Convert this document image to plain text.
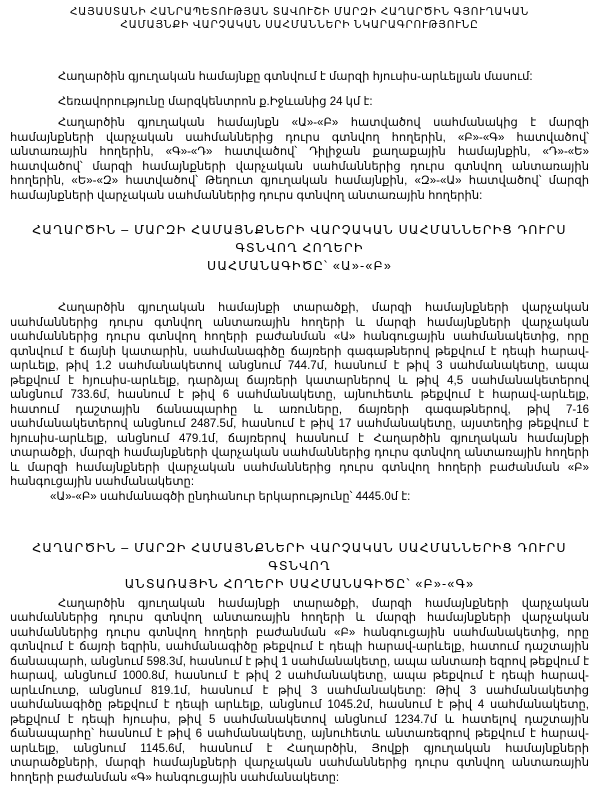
ՀԱՅԱՍՏԱՆԻ ՀԱՆՐԱՊԵՏՈՒԹՅԱՆ ՏԱՎՈՒՇԻ ՄԱՐԶԻ ՀԱՂԱՐԾԻՆ ԳՅՈՒՂԱԿԱՆ

ՀԱՄԱՅՆՔԻ ՎԱՐՉԱԿԱՆ ՍԱՀՄԱՆՆԵՐԻ ՆԿԱՐԱԳՐՈՒԹՅՈՒՆԸ

Հաղարծին գյուղական համայնքը գտնվում է մարզի հյուսիս-արևելյան մասում:

Հեռավորությունը մարզկենտրոն ք.Իջևանից 24 կմ է:

Հաղարծին գյուղական համայնքն «Ա»-«Բ» հատվածով սահմանակից է մարզի համայնքների վարչական սահմաններից դուրս գտնվող հողերին, «Բ»-«Գ» հատվածով՝ անտառային հողերին, «Գ»-«Դ» հատվածով՝ Դիլիջան քաղաքային համայնքին, «Դ»-«Ե» հատվածով՝ մարզի համայնքների վարչական սահմաններից դուրս գտնվող անտառային հողերին, «Ե»-«Զ» հատվածով՝ Թեղուտ գյուղական համայնքին, «Զ»-«Ա» հատվածով՝ մարզի համայնքների վարչական սահմաններից դուրս գտնվող անտառային հողերին:

ՀԱՂԱՐԾԻՆ – ՄԱՐԶԻ ՀԱՄԱՅՆՔՆԵՐԻ ՎԱՐՉԱԿԱՆ ՍԱՀՄԱՆՆԵՐԻՑ ԴՈՒՐՍ ԳՏՆՎՈՂ ՀՈՂԵՐԻ

ՍԱՀՄԱՆԱԳԻԾԸ՝ «Ա»-«Բ»

Հաղարծին գյուղական համայնքի տարածքի, մարզի համայնքների վարչական սահմաններից դուրս գտնվող անտառային հողերի և մարզի համայնքների վարչական սահմաններից դուրս գտնվող հողերի բաժանման «Ա» հանգուցային սահմանակետից, որը գտնվում է ճայնի կատարին, սահմանագիծը ճայռերի գագաթներով թեքվում է դեպի հարավ-արևելք, թիվ 1.2 սահմանակետով անցնում 744.7մ, հասնում է թիվ 3 սահմանակետը, ապա թեքվում է հյուսիս-արևելք, դարձյալ ճայռերի կատարներով և թիվ 4,5 սահմանակետերով անցնում 733.6մ, հասնում է թիվ 6 սահմանակետը, այնուհետև թեքվում է հարավ-արևելք, հատում դաշտային ճանապարհը և առուները, ճայռերի գագաթներով, թիվ 7-16 սահմանակետերով անցնում 2487.5մ, հասնում է թիվ 17 սահմանակետը, այստեղից թեքվում է հյուսիս-արևելք, անցնում 479.1մ, ճայռերով հասնում է Հաղարծին գյուղական համայնքի տարածքի, մարզի համայնքների վարչական սահմաններից դուրս գտնվող անտառային հողերի և մարզի համայնքների վարչական սահմաններից դուրս գտնվող հողերի բաժանման «Բ» հանգուցային սահմանակետը:

«Ա»-«Բ» սահմանագծի ընդհանուր երկարությունը՝ 4445.0մ է:

ՀԱՂԱՐԾԻՆ – ՄԱՐԶԻ ՀԱՄԱՅՆՔՆԵՐԻ ՎԱՐՉԱԿԱՆ ՍԱՀՄԱՆՆԵՐԻՑ ԴՈՒՐՍ ԳՏՆՎՈՂ

ԱՆՏԱՌԱՅԻՆ ՀՈՂԵՐԻ ՍԱՀՄԱՆԱԳԻԾԸ՝ «Բ»-«Գ»

Հաղարծին գյուղական համայնքի տարածքի, մարզի համայնքների վարչական սահմաններից դուրս գտնվող անտառային հողերի և մարզի համայնքների վարչական սահմաններից դուրս գտնվող հողերի բաժանման «Բ» հանգուցային սահմանակետից, որը գտնվում է ճայռի եզրին, սահմանագիծը թեքվում է դեպի հարավ-արևելք, հատում դաշտային ճանապարհ, անցնում 598.3մ, հասնում է թիվ 1 սահմանակետը, ապա անտառի եզրով թեքվում է հարավ, անցնում 1000.8մ, հասնում է թիվ 2 սահմանակետը, ապա թեքվում է դեպի հարավ-արևմուտք, անցնում 819.1մ, հասնում է թիվ 3 սահմանակետը: Թիվ 3 սահմանակետից սահմանագիծը թեքվում է դեպի արևելք, անցնում 1045.2մ, հասնում է թիվ 4 սահմանակետը, թեքվում է դեպի հյուսիս, թիվ 5 սահմանակետով անցնում 1234.7մ և հատելով դաշտային ճանապարհը՝ հասնում է թիվ 6 սահմանակետը, այնուհետև անտառեզրով թեքվում է հարավ-արևելք, անցնում 1145.6մ, հասնում է Հաղարծին, Յովքի գյուղական համայնքների տարածքների, մարզի համայնքների վարչական սահմաններից դուրս գտնվող անտառային հողերի բաժանման «Գ» հանգուցային սահմանակետը:
